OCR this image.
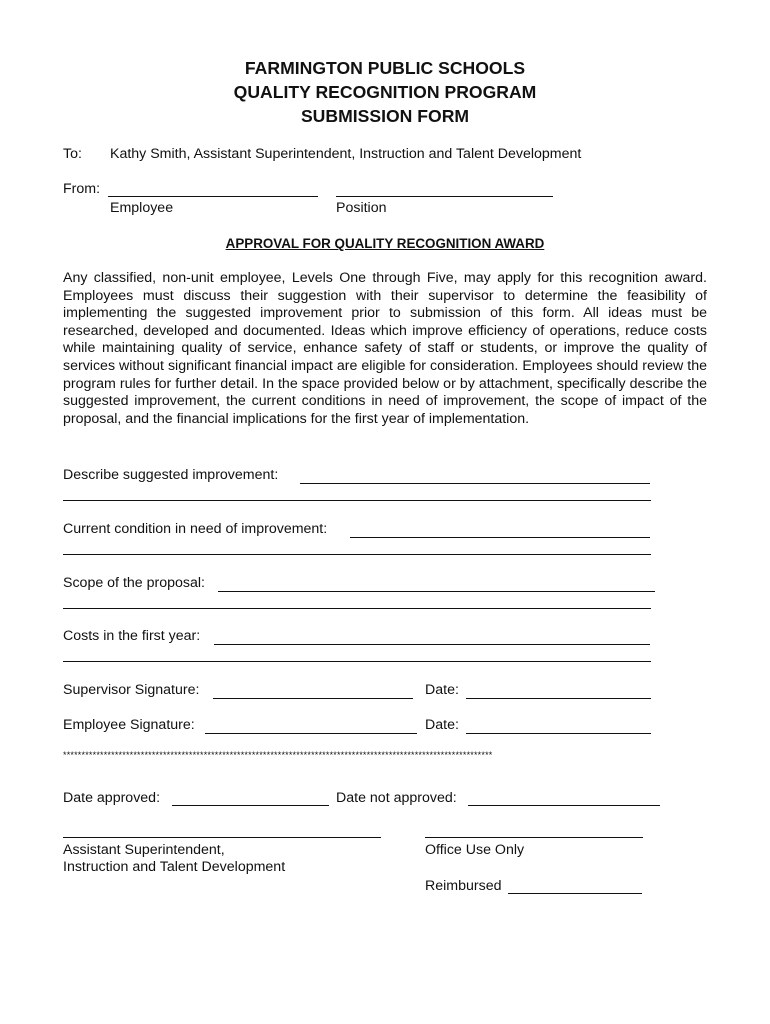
FARMINGTON PUBLIC SCHOOLS
QUALITY RECOGNITION PROGRAM
SUBMISSION FORM
To: Kathy Smith, Assistant Superintendent, Instruction and Talent Development
From:
Employee	Position
APPROVAL FOR QUALITY RECOGNITION AWARD
Any classified, non-unit employee, Levels One through Five, may apply for this recognition award. Employees must discuss their suggestion with their supervisor to determine the feasibility of implementing the suggested improvement prior to submission of this form. All ideas must be researched, developed and documented. Ideas which improve efficiency of operations, reduce costs while maintaining quality of service, enhance safety of staff or students, or improve the quality of services without significant financial impact are eligible for consideration. Employees should review the program rules for further detail. In the space provided below or by attachment, specifically describe the suggested improvement, the current conditions in need of improvement, the scope of impact of the proposal, and the financial implications for the first year of implementation.
Describe suggested improvement:
Current condition in need of improvement:
Scope of the proposal:
Costs in the first year:
Supervisor Signature:	Date:
Employee Signature:	Date:
********************************************************************************************************************
Date approved:	Date not approved:
Assistant Superintendent,
Instruction and Talent Development
Office Use Only
Reimbursed
